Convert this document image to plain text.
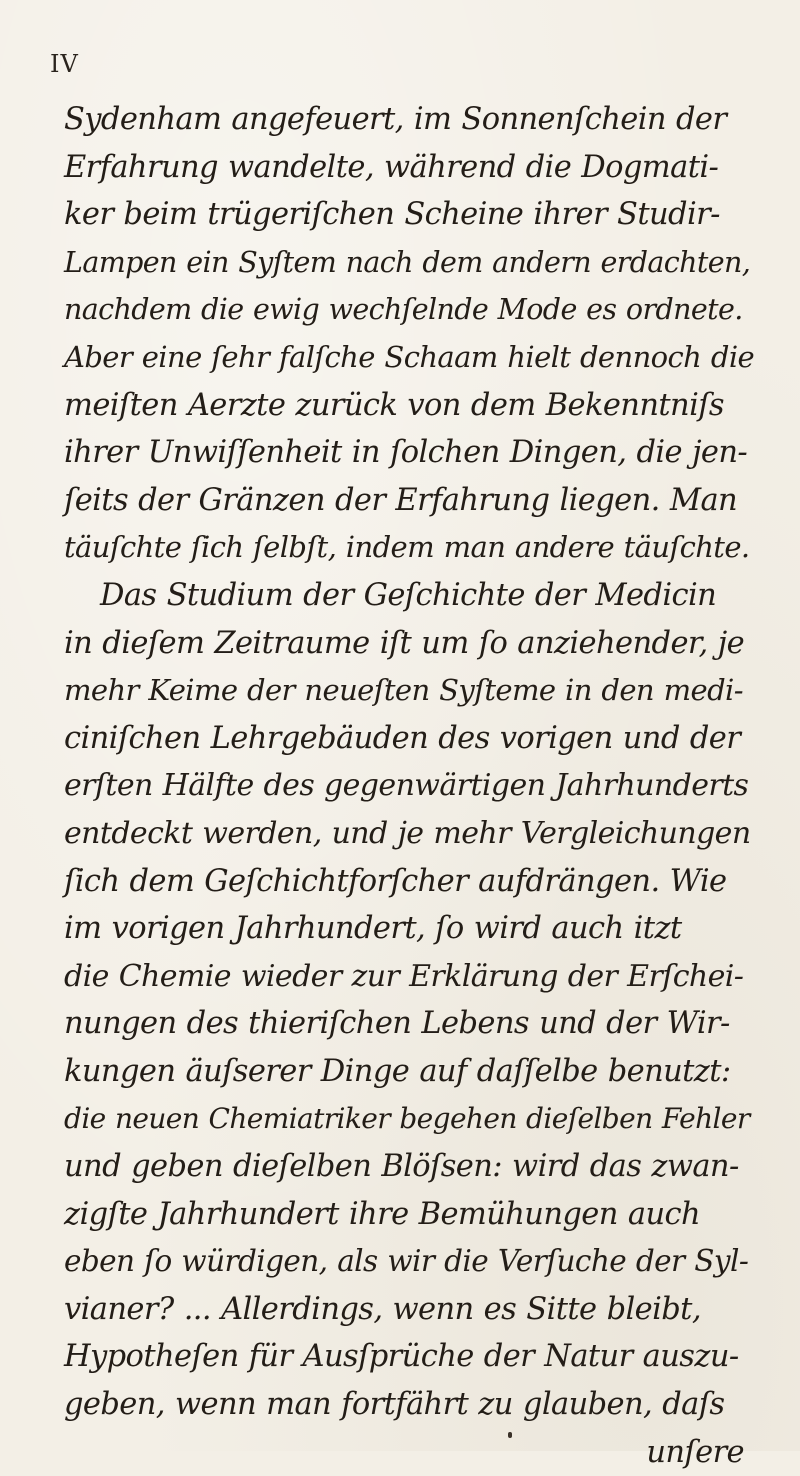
IV
Sydenham angefeuert, im Sonnenſchein der
Erfahrung wandelte, während die Dogmati-
ker beim trügeriſchen Scheine ihrer Studir-
Lampen ein Syſtem nach dem andern erdachten,
nachdem die ewig wechſelnde Mode es ordnete.
Aber eine ſehr falſche Schaam hielt dennoch die
meiſten Aerzte zurück von dem Bekenntniſs
ihrer Unwiſſenheit in ſolchen Dingen, die jen-
ſeits der Gränzen der Erfahrung liegen. Man
täuſchte ſich ſelbſt, indem man andere täuſchte.
Das Studium der Geſchichte der Medicin
in dieſem Zeitraume iſt um ſo anziehender, je
mehr Keime der neueſten Syſteme in den medi-
ciniſchen Lehrgebäuden des vorigen und der
erſten Hälfte des gegenwärtigen Jahrhunderts
entdeckt werden, und je mehr Vergleichungen
ſich dem Geſchichtforſcher aufdrängen. Wie
im vorigen Jahrhundert, ſo wird auch itzt
die Chemie wieder zur Erklärung der Erſchei-
nungen des thieriſchen Lebens und der Wir-
kungen äuſserer Dinge auf daſſelbe benutzt:
die neuen Chemiatriker begehen dieſelben Fehler
und geben dieſelben Blöſsen: wird das zwan-
zigſte Jahrhundert ihre Bemühungen auch
eben ſo würdigen, als wir die Verſuche der Syl-
vianer? ... Allerdings, wenn es Sitte bleibt,
Hypotheſen für Ausſprüche der Natur auszu-
geben, wenn man fortfährt zu glauben, daſs
unſere
